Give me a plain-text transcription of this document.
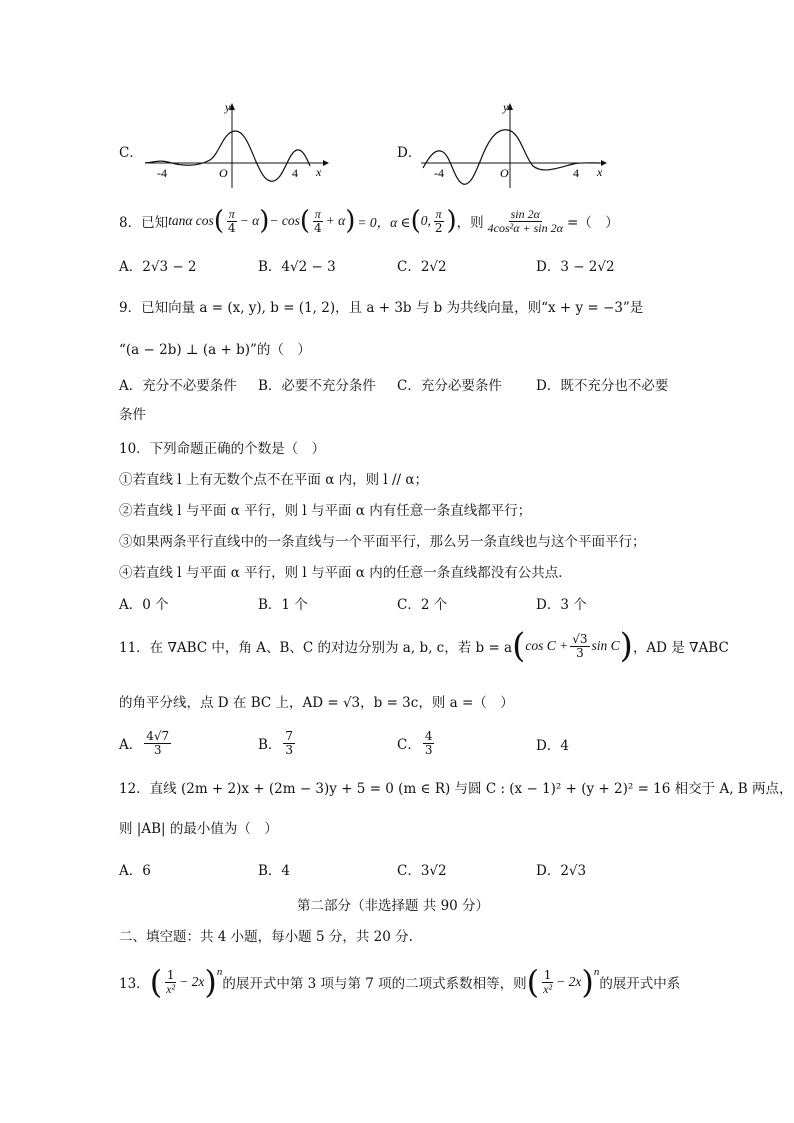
C．
y
x
O
-4	4
D．
y
x
O
-4	4
8．已知 tanα cos ( $\frac{\pi}{4} - \alpha$ ) − cos ( $\frac{\pi}{4} + \alpha$ ) = 0，α ∈ ( 0, $\frac{\pi}{2}$ ) ，则 $\frac{\sin 2\alpha}{\text{4cos²α + sin 2α}}$ =（　）
A．2√3 − 2	B．4√2 − 3	C．2√2	D．3 − 2√2
9．已知向量 a = (x, y), b = (1, 2)，且 a + 3b 与 b 为共线向量，则“x + y = −3”是
“(a − 2b) ⊥ (a + b)”的（　）
A．充分不必要条件 B．必要不充分条件 C．充分必要条件	D．既不充分也不必要
条件
10．下列命题正确的个数是（　）
①若直线 l 上有无数个点不在平面 α 内，则 l // α；
②若直线 l 与平面 α 平行，则 l 与平面 α 内有任意一条直线都平行；
③如果两条平行直线中的一条直线与一个平面平行，那么另一条直线也与这个平面平行；
④若直线 l 与平面 α 平行，则 l 与平面 α 内的任意一条直线都没有公共点．
A．0 个	B．1 个	C．2 个	D．3 个
11．在 ∇ABC 中，角 A、B、C 的对边分别为 a, b, c，若 b = a ( $\cos C + \frac{√3}{3}$ sin C ) ，AD 是 ∇ABC
的角平分线，点 D 在 BC 上，AD = √3，b = 3c，则 a =（　）
A． $\frac{4√7}{3}$	B． $\frac{7}{3}$	C． $\frac{4}{3}$	D．4
12．直线 (2m + 2)x + (2m − 3)y + 5 = 0 (m ∈ R) 与圆 C : (x − 1)² + (y + 2)² = 16 相交于 A, B 两点，
则 |AB| 的最小值为（　）
A．6	B．4	C．3√2	D．2√3
第二部分（非选择题 共 90 分）
二、填空题：共 4 小题，每小题 5 分，共 20 分.
13． ( $\frac{1}{\text{x²}} - 2x$ )$^n$
的展开式中第 3 项与第 7 项的二项式系数相等，则 ( $\frac{1}{\text{x²}} - 2x$ )$^n$
的展开式中系
